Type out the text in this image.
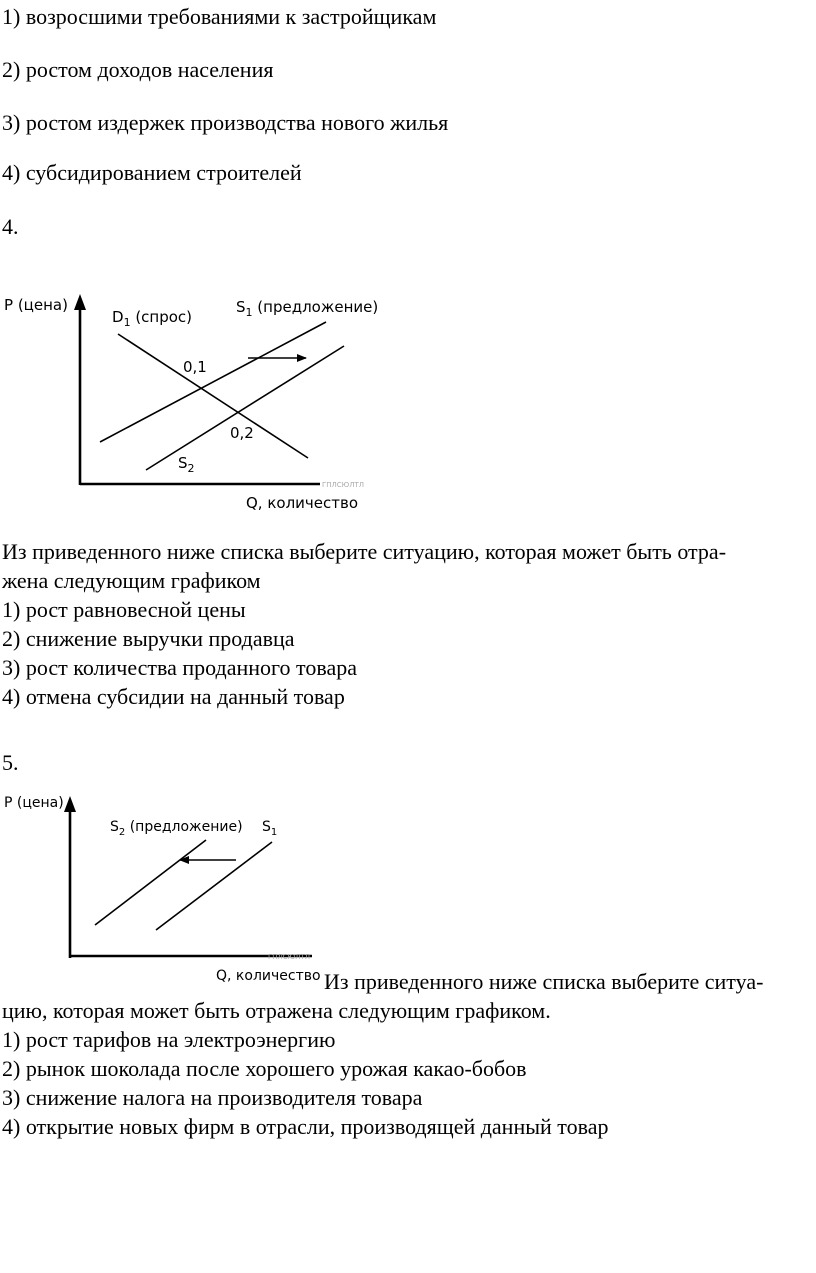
1) возросшими требованиями к застройщикам
2) ростом доходов населения
3) ростом издержек производства нового жилья
4) субсидированием строителей
4.
ГПЛСЮЛТЛ
P (цена)
Q, количество
$D_1$ (спрос)
$S_1$ (предложение)
$S_2$
0,1
0,2
Из приведенного ниже списка выберите ситуацию, которая может быть отра-
жена следующим графиком
1) рост равновесной цены
2) снижение выручки продавца
3) рост количества проданного товара
4) отмена субсидии на данный товар
5.
ГПЛСЮЛТЛ
P (цена)
Q, количество
$S_2$ (предложение) $S_1$
Из приведенного ниже списка выберите ситуа-
цию, которая может быть отражена следующим графиком.
1) рост тарифов на электроэнергию
2) рынок шоколада после хорошего урожая какао-бобов
3) снижение налога на производителя товара
4) открытие новых фирм в отрасли, производящей данный товар
